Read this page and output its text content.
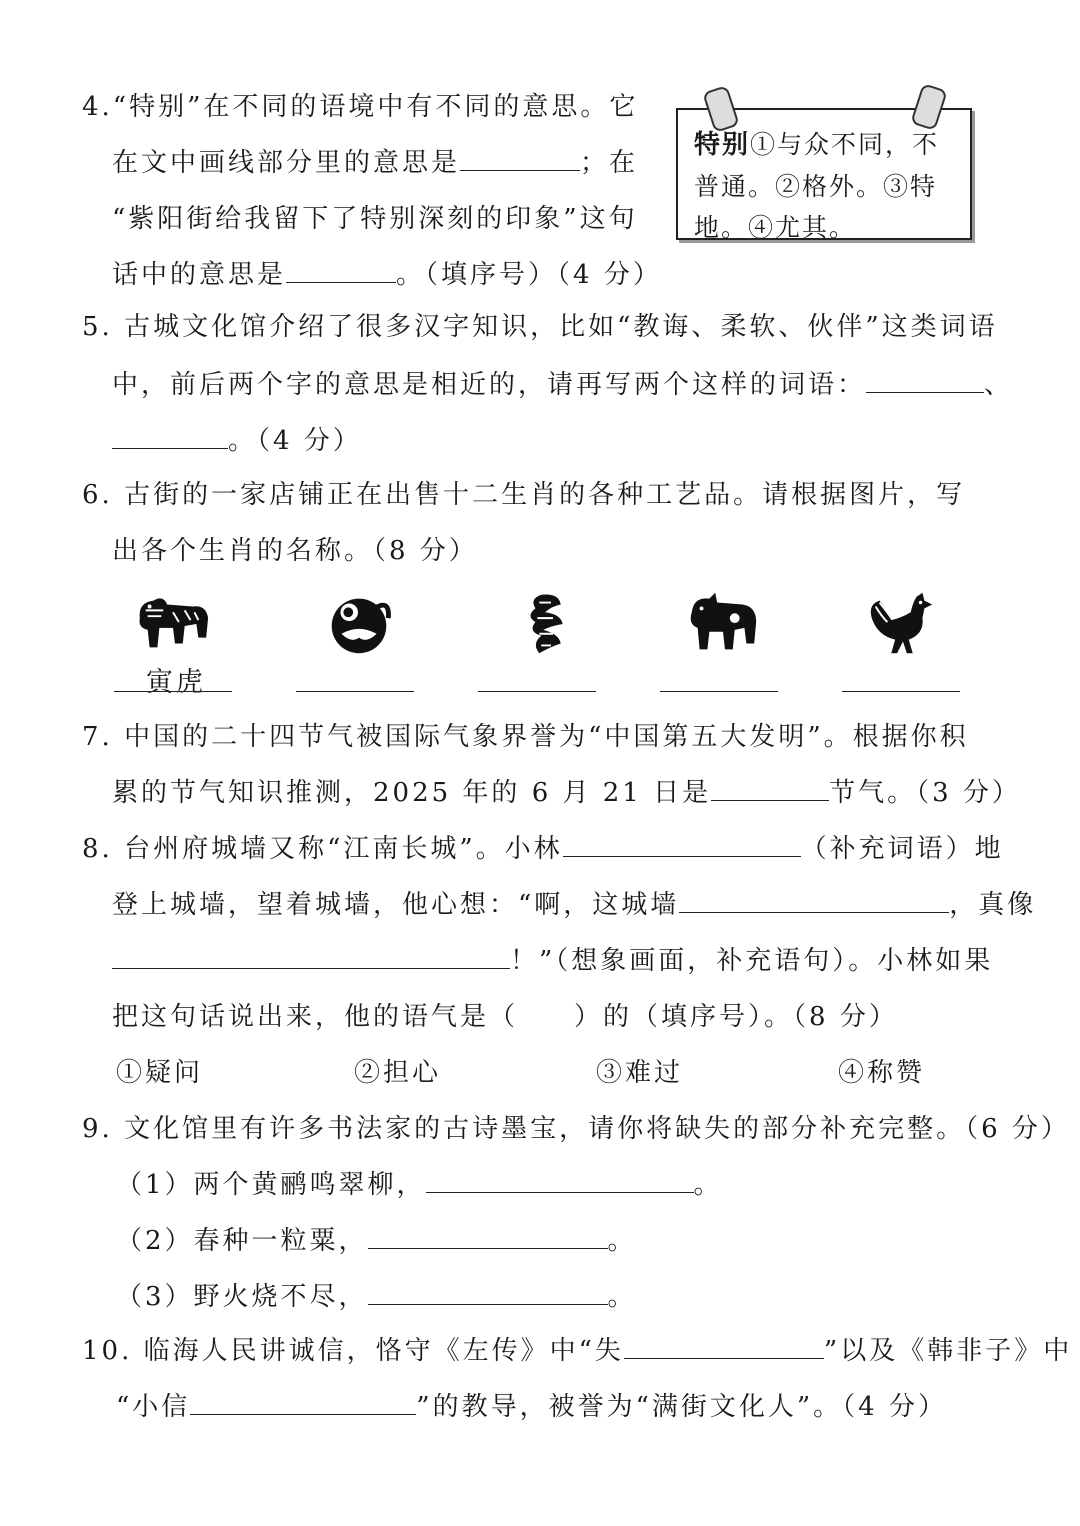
4.“特别”在不同的语境中有不同的意思。它
在文中画线部分里的意思是	；在
“紫阳街给我留下了特别深刻的印象”这句
话中的意思是	。（填序号）（4 分）
特别①与众不同，不
普通。②格外。③特
地。④尤其。
5. 古城文化馆介绍了很多汉字知识，比如“教诲、柔软、伙伴”这类词语
中，前后两个字的意思是相近的，请再写两个这样的词语：	、
。（4 分）
6. 古街的一家店铺正在出售十二生肖的各种工艺品。请根据图片，写
出各个生肖的名称。（8 分）
寅虎
7. 中国的二十四节气被国际气象界誉为“中国第五大发明”。根据你积
累的节气知识推测，2025 年的 6 月 21 日是	节气。（3 分）
8. 台州府城墙又称“江南长城”。小林	（补充词语）地
登上城墙，望着城墙，他心想：“啊，这城墙	，真像
！”（想象画面，补充语句）。小林如果
把这句话说出来，他的语气是（ ）的（填序号）。（8 分）
①疑问	②担心	③难过	④称赞
9. 文化馆里有许多书法家的古诗墨宝，请你将缺失的部分补充完整。（6 分）
（1）两个黄鹂鸣翠柳，	。
（2）春种一粒粟，	。
（3）野火烧不尽，	。
10. 临海人民讲诚信，恪守《左传》中“失	”以及《韩非子》中
“小信	”的教导，被誉为“满街文化人”。（4 分）
